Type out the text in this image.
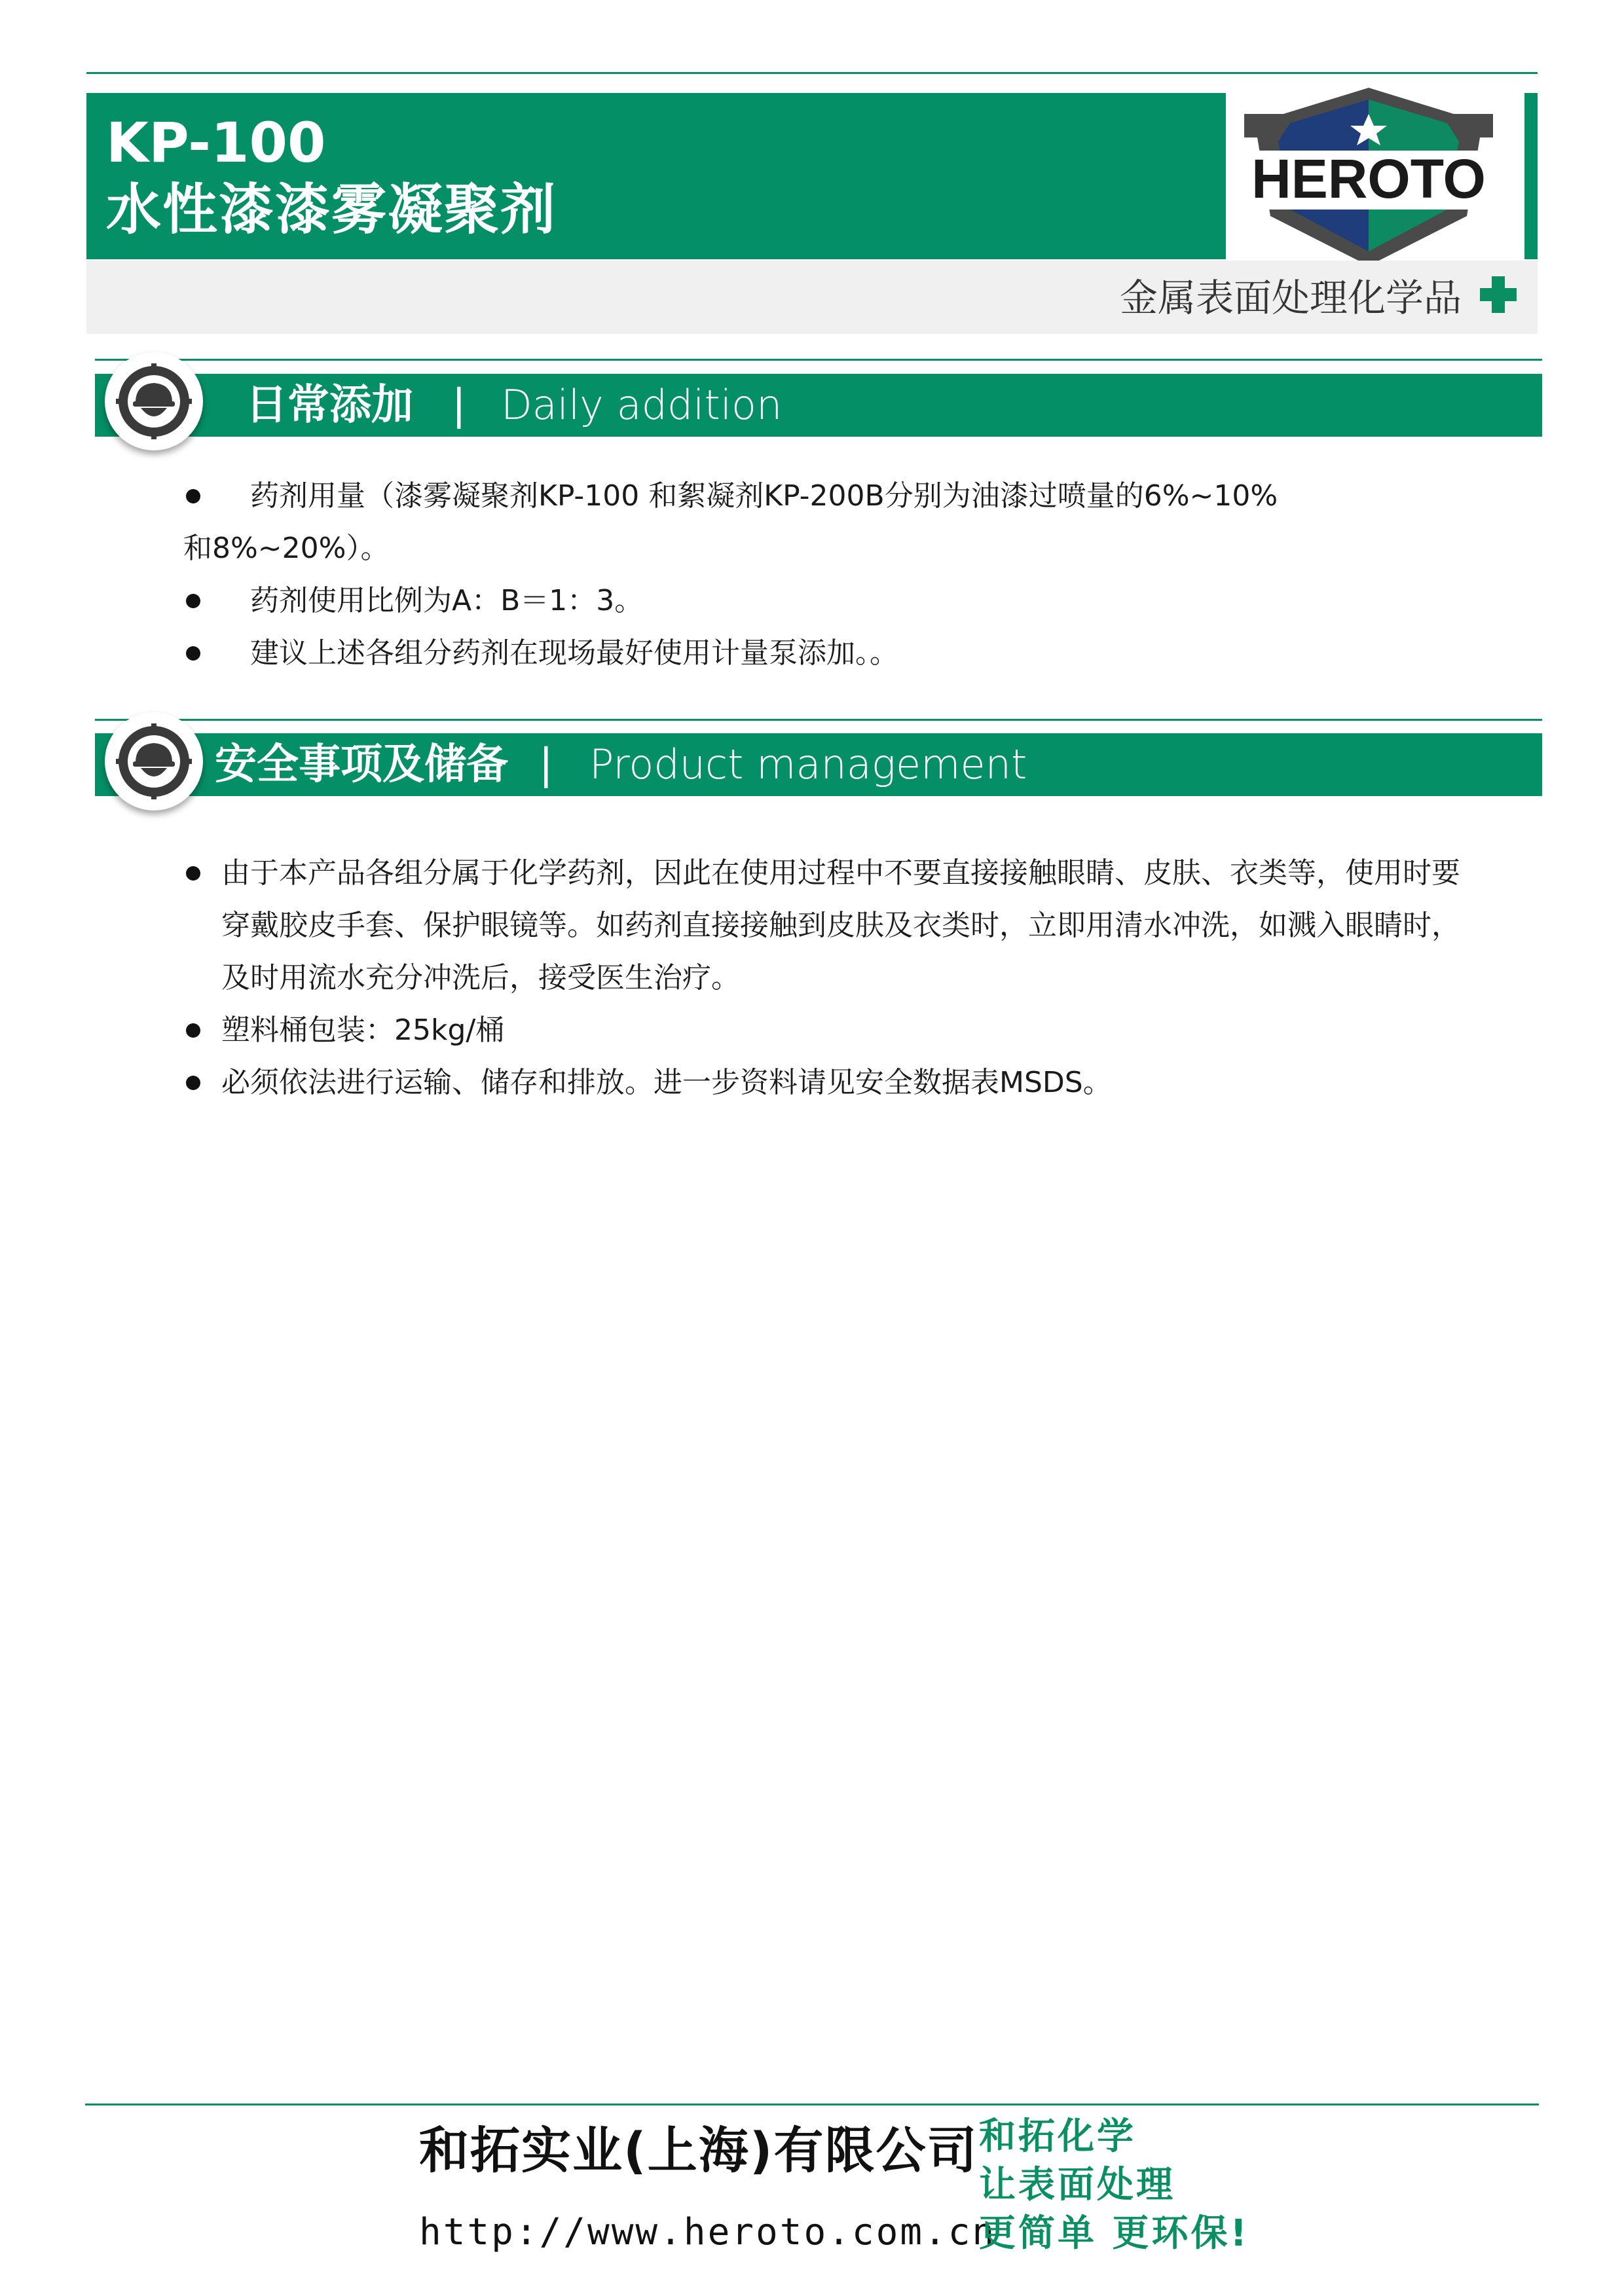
KP-100
水性漆漆雾凝聚剂	HEROTO
金属表面处理化学品
日常添加 | Daily addition
药剂用量（漆雾凝聚剂KP-100 和絮凝剂KP-200B分别为油漆过喷量的6%~10%和8%~20%）。
药剂使用比例为A：B＝1：3。
建议上述各组分药剂在现场最好使用计量泵添加。。
安全事项及储备 | Product management
由于本产品各组分属于化学药剂，因此在使用过程中不要直接接触眼睛、皮肤、衣类等，使用时要穿戴胶皮手套、保护眼镜等。如药剂直接接触到皮肤及衣类时，立即用清水冲洗，如溅入眼睛时，及时用流水充分冲洗后，接受医生治疗。
塑料桶包装：25kg/桶
必须依法进行运输、储存和排放。进一步资料请见安全数据表MSDS。
和拓实业(上海)有限公司
http://www.heroto.com.cn
和拓化学
让表面处理
更简单 更环保!
